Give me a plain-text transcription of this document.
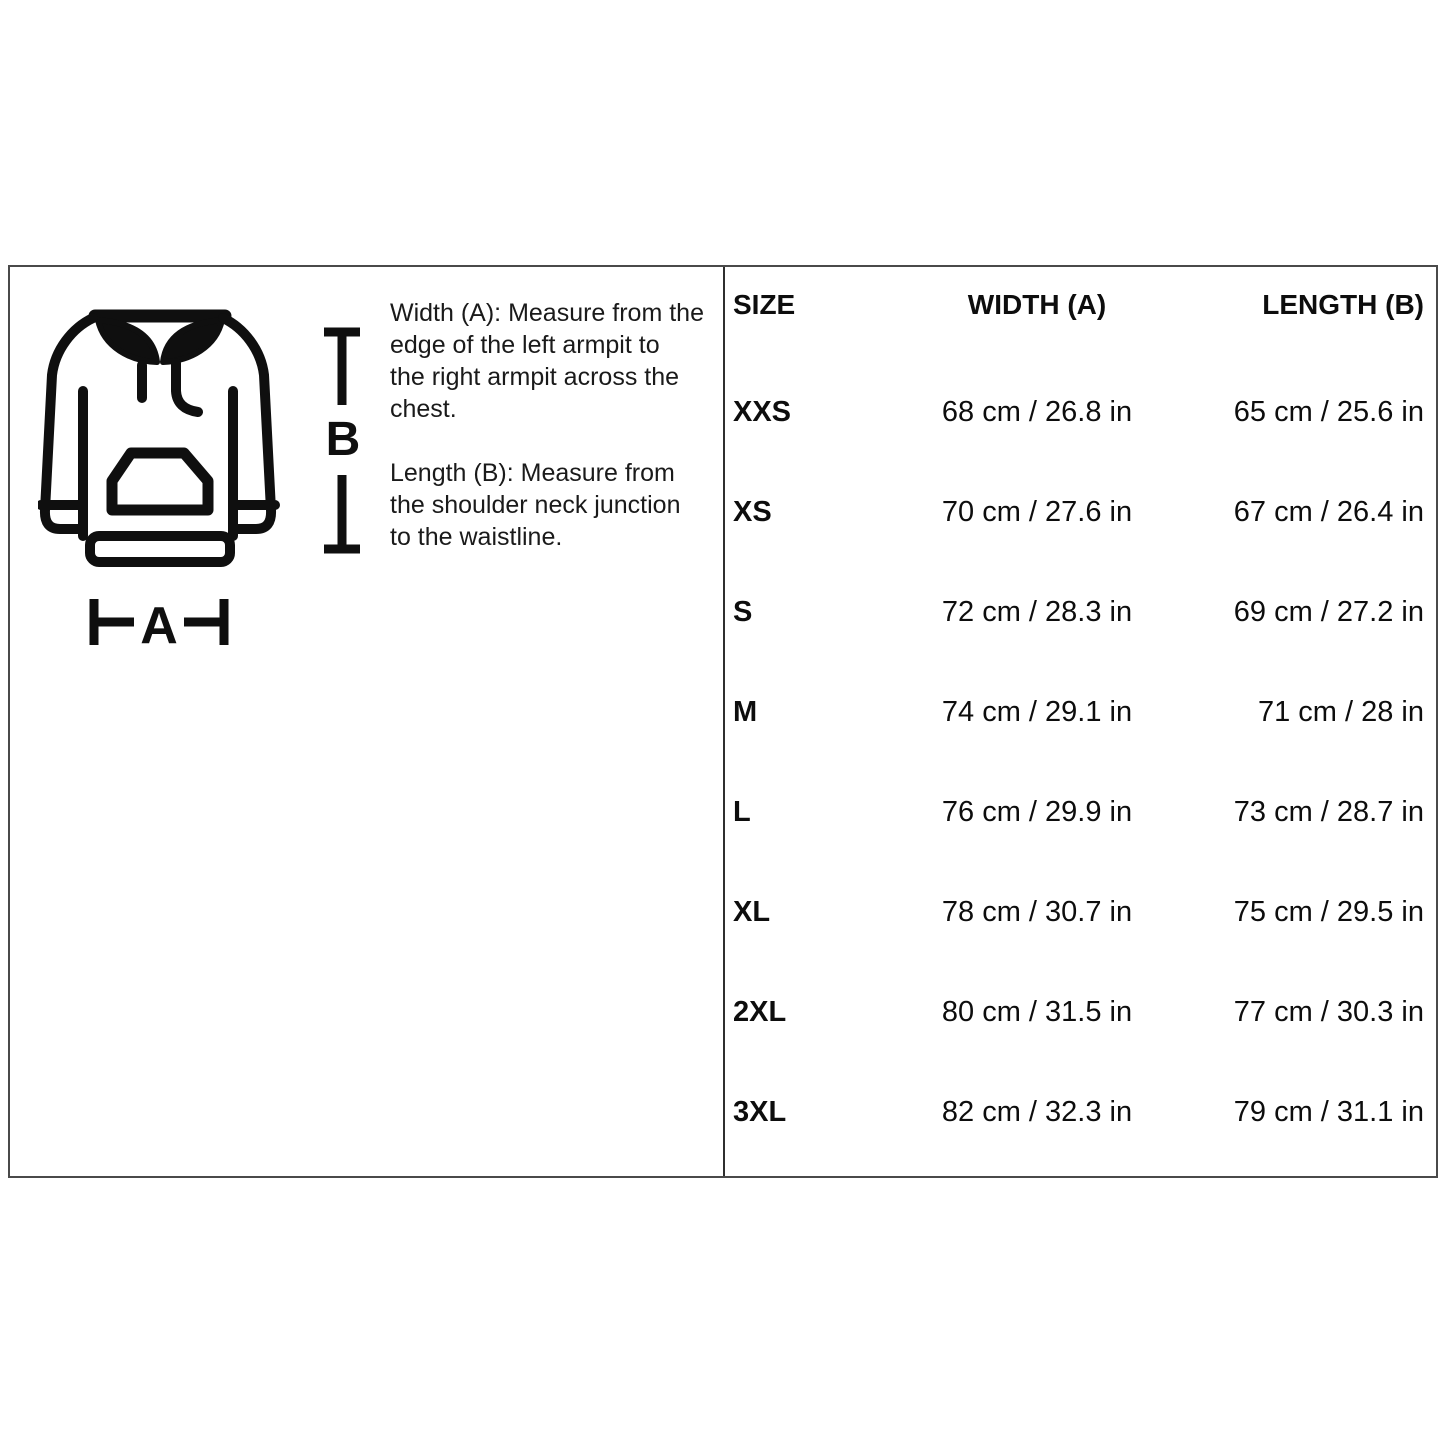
B
A
Width (A): Measure from the
edge of the left armpit to
the right armpit across the
chest.
Length (B): Measure from
the shoulder neck junction
to the waistline.
SIZE	WIDTH (A)	LENGTH (B)
XXS	68 cm / 26.8 in	65 cm / 25.6 in
XS	70 cm / 27.6 in	67 cm / 26.4 in
S	72 cm / 28.3 in	69 cm / 27.2 in
M	74 cm / 29.1 in	71 cm / 28 in
L	76 cm / 29.9 in	73 cm / 28.7 in
XL	78 cm / 30.7 in	75 cm / 29.5 in
2XL	80 cm / 31.5 in	77 cm / 30.3 in
3XL	82 cm / 32.3 in	79 cm / 31.1 in
